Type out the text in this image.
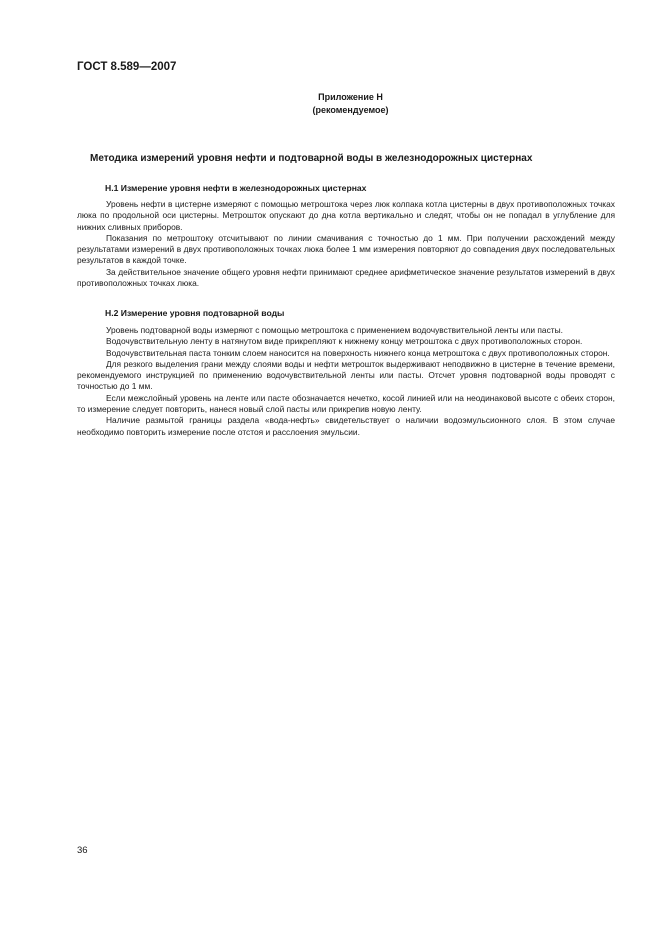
ГОСТ 8.589—2007
Приложение Н
(рекомендуемое)
Методика измерений уровня нефти и подтоварной воды в железнодорожных цистернах
Н.1 Измерение уровня нефти в железнодорожных цистернах

Уровень нефти в цистерне измеряют с помощью метроштока через люк колпака котла цистерны в двух противоположных точках люка по продольной оси цистерны. Метрошток опускают до дна котла вертикально и следят, чтобы он не попадал в углубление для нижних сливных приборов.

Показания по метроштоку отсчитывают по линии смачивания с точностью до 1 мм. При получении расхождений между результатами измерений в двух противоположных точках люка более 1 мм измерения повторяют до совпадения двух последовательных результатов в каждой точке.

За действительное значение общего уровня нефти принимают среднее арифметическое значение результатов измерений в двух противоположных точках люка.

Н.2 Измерение уровня подтоварной воды

Уровень подтоварной воды измеряют с помощью метроштока с применением водочувствительной ленты или пасты.

Водочувствительную ленту в натянутом виде прикрепляют к нижнему концу метроштока с двух противоположных сторон.

Водочувствительная паста тонким слоем наносится на поверхность нижнего конца метроштока с двух противоположных сторон.

Для резкого выделения грани между слоями воды и нефти метрошток выдерживают неподвижно в цистерне в течение времени, рекомендуемого инструкцией по применению водочувствительной ленты или пасты. Отсчет уровня подтоварной воды проводят с точностью до 1 мм.

Если межслойный уровень на ленте или пасте обозначается нечетко, косой линией или на неодинаковой высоте с обеих сторон, то измерение следует повторить, нанеся новый слой пасты или прикрепив новую ленту.

Наличие размытой границы раздела «вода-нефть» свидетельствует о наличии водоэмульсионного слоя. В этом случае необходимо повторить измерение после отстоя и расслоения эмульсии.

36
